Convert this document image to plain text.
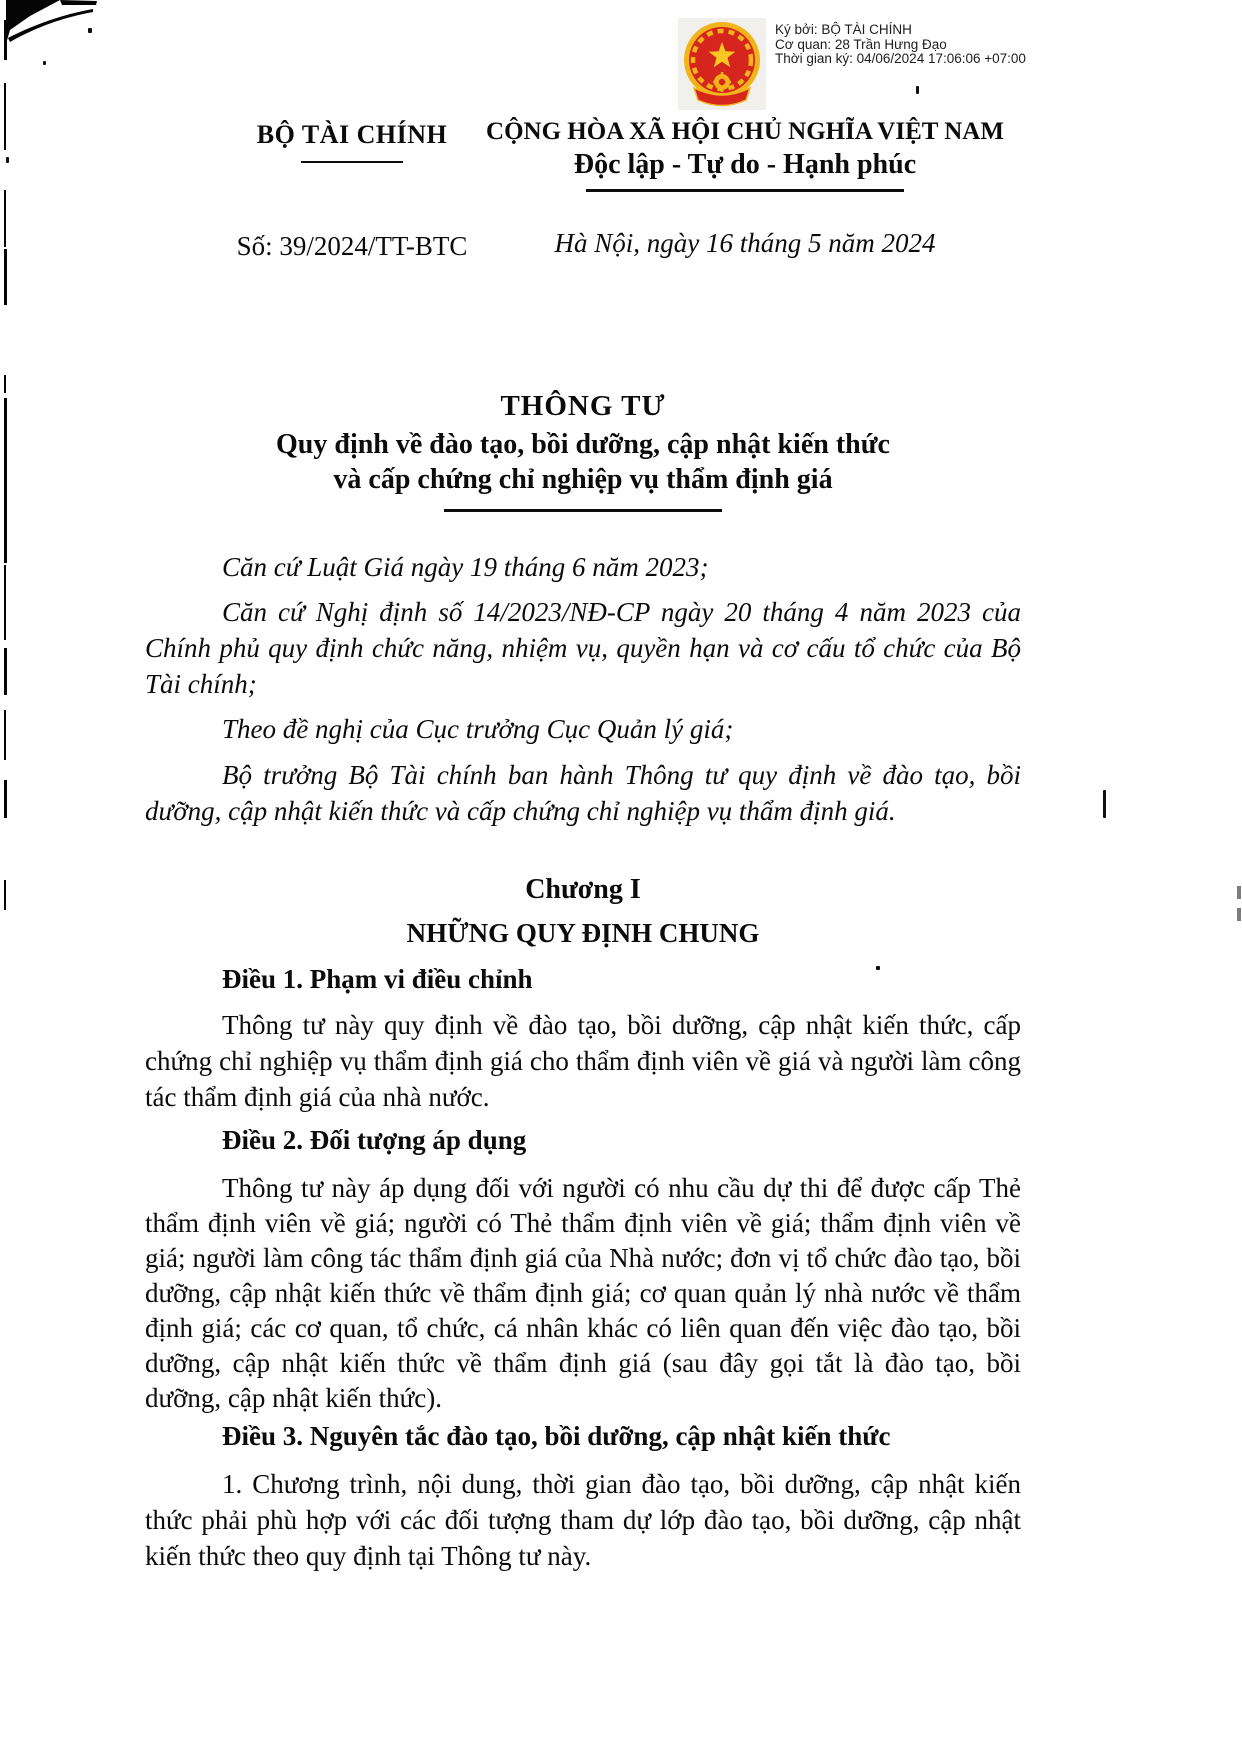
Ký bởi: BỘ TÀI CHÍNH
Cơ quan: 28 Trần Hưng Đạo
Thời gian ký: 04/06/2024 17:06:06 +07:00
BỘ TÀI CHÍNH	CỘNG HÒA XÃ HỘI CHỦ NGHĨA VIỆT NAM
Độc lập - Tự do - Hạnh phúc
Số: 39/2024/TT-BTC	Hà Nội, ngày 16 tháng 5 năm 2024
THÔNG TƯ
Quy định về đào tạo, bồi dưỡng, cập nhật kiến thức
và cấp chứng chỉ nghiệp vụ thẩm định giá

Căn cứ Luật Giá ngày 19 tháng 6 năm 2023;

Căn cứ Nghị định số 14/2023/NĐ-CP ngày 20 tháng 4 năm 2023 của Chính phủ quy định chức năng, nhiệm vụ, quyền hạn và cơ cấu tổ chức của Bộ Tài chính;

Theo đề nghị của Cục trưởng Cục Quản lý giá;

Bộ trưởng Bộ Tài chính ban hành Thông tư quy định về đào tạo, bồi dưỡng, cập nhật kiến thức và cấp chứng chỉ nghiệp vụ thẩm định giá.

Chương I
NHỮNG QUY ĐỊNH CHUNG
Điều 1. Phạm vi điều chỉnh

Thông tư này quy định về đào tạo, bồi dưỡng, cập nhật kiến thức, cấp chứng chỉ nghiệp vụ thẩm định giá cho thẩm định viên về giá và người làm công tác thẩm định giá của nhà nước.

Điều 2. Đối tượng áp dụng

Thông tư này áp dụng đối với người có nhu cầu dự thi để được cấp Thẻ thẩm định viên về giá; người có Thẻ thẩm định viên về giá; thẩm định viên về giá; người làm công tác thẩm định giá của Nhà nước; đơn vị tổ chức đào tạo, bồi dưỡng, cập nhật kiến thức về thẩm định giá; cơ quan quản lý nhà nước về thẩm định giá; các cơ quan, tổ chức, cá nhân khác có liên quan đến việc đào tạo, bồi dưỡng, cập nhật kiến thức về thẩm định giá (sau đây gọi tắt là đào tạo, bồi dưỡng, cập nhật kiến thức).

Điều 3. Nguyên tắc đào tạo, bồi dưỡng, cập nhật kiến thức

1. Chương trình, nội dung, thời gian đào tạo, bồi dưỡng, cập nhật kiến thức phải phù hợp với các đối tượng tham dự lớp đào tạo, bồi dưỡng, cập nhật kiến thức theo quy định tại Thông tư này.
